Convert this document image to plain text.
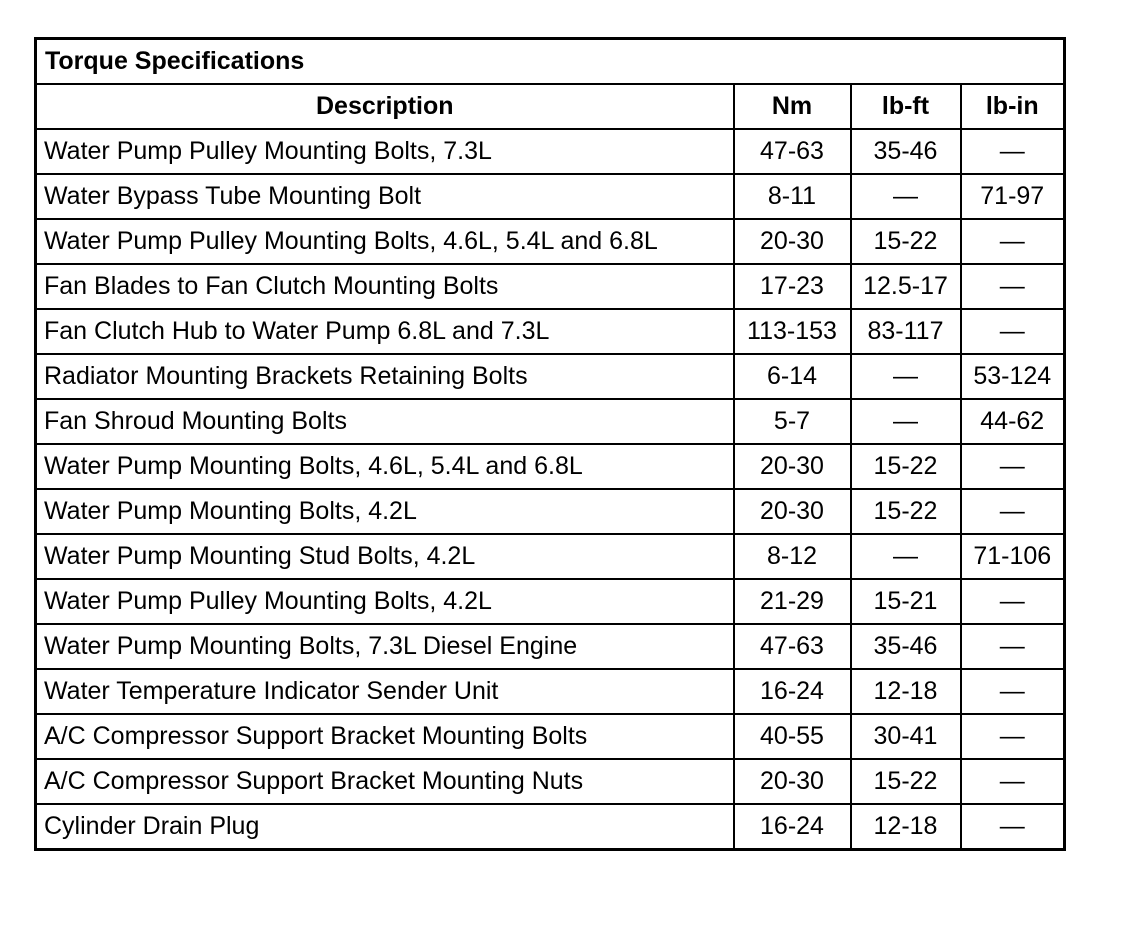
Torque Specifications			
Description	Nm	lb-ft	lb-in
Water Pump Pulley Mounting Bolts, 7.3L	47-63	35-46	—
Water Bypass Tube Mounting Bolt	8-11	—	71-97
Water Pump Pulley Mounting Bolts, 4.6L, 5.4L and 6.8L	20-30	15-22	—
Fan Blades to Fan Clutch Mounting Bolts	17-23	12.5-17	—
Fan Clutch Hub to Water Pump 6.8L and 7.3L	113-153	83-117	—
Radiator Mounting Brackets Retaining Bolts	6-14	—	53-124
Fan Shroud Mounting Bolts	5-7	—	44-62
Water Pump Mounting Bolts, 4.6L, 5.4L and 6.8L	20-30	15-22	—
Water Pump Mounting Bolts, 4.2L	20-30	15-22	—
Water Pump Mounting Stud Bolts, 4.2L	8-12	—	71-106
Water Pump Pulley Mounting Bolts, 4.2L	21-29	15-21	—
Water Pump Mounting Bolts, 7.3L Diesel Engine	47-63	35-46	—
Water Temperature Indicator Sender Unit	16-24	12-18	—
A/C Compressor Support Bracket Mounting Bolts	40-55	30-41	—
A/C Compressor Support Bracket Mounting Nuts	20-30	15-22	—
Cylinder Drain Plug	16-24	12-18	—
